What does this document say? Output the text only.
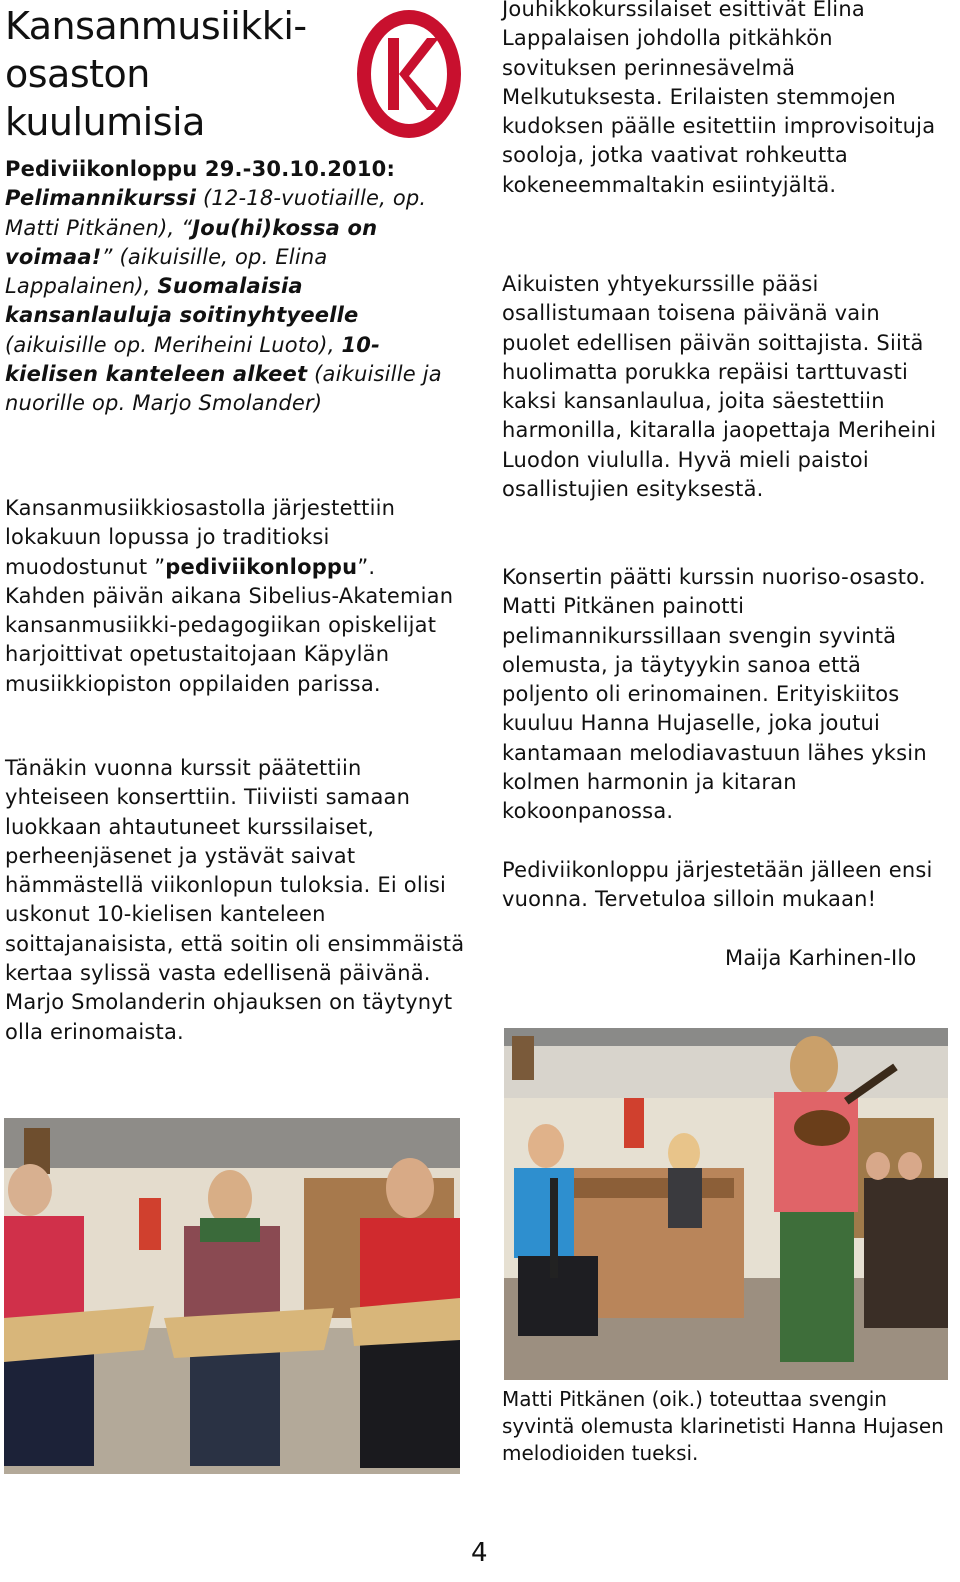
Kansanmusiikki-
osaston
kuulumisia
Pediviikonloppu 29.-30.10.2010:
Pelimannikurssi (12-18-vuotiaille, op. Matti Pitkänen), “Jou(hi)kossa on voimaa!” (aikuisille, op. Elina Lappalainen), Suomalaisia kansanlauluja soitinyhtyeelle (aikuisille op. Meriheini Luoto), 10-kielisen kanteleen alkeet (aikuisille ja nuorille op. Marjo Smolander)

Kansanmusiikkiosastolla järjestettiin lokakuun lopussa jo traditioksi muodostunut ”pediviikonloppu”. Kahden päivän aikana Sibelius-Akatemian kansanmusiikki-pedagogiikan opiskelijat harjoittivat opetustaitojaan Käpylän musiikkiopiston oppilaiden parissa.

Tänäkin vuonna kurssit päätettiin yhteiseen konserttiin. Tiiviisti samaan luokkaan ahtautuneet kurssilaiset, perheenjäsenet ja ystävät saivat hämmästellä viikonlopun tuloksia. Ei olisi uskonut 10-kielisen kanteleen soittajanaisista, että soitin oli ensimmäistä kertaa sylissä vasta edellisenä päivänä. Marjo Smolanderin ohjauksen on täytynyt olla erinomaista.

Jouhikkokurssilaiset esittivät Elina Lappalaisen johdolla pitkähkön sovituksen perinnesävelmä Melkutuksesta. Erilaisten stemmojen kudoksen päälle esitettiin improvisoituja sooloja, jotka vaativat rohkeutta kokeneemmaltakin esiintyjältä.

Aikuisten yhtyekurssille pääsi osallistumaan toisena päivänä vain puolet edellisen päivän soittajista. Siitä huolimatta porukka repäisi tarttuvasti kaksi kansanlaulua, joita säestettiin harmonilla, kitaralla jaopettaja Meriheini Luodon viululla. Hyvä mieli paistoi osallistujien esityksestä.

Konsertin päätti kurssin nuoriso-osasto. Matti Pitkänen painotti pelimannikurssillaan svengin syvintä olemusta, ja täytyykin sanoa että poljento oli erinomainen. Erityiskiitos kuuluu Hanna Hujaselle, joka joutui kantamaan melodiavastuun lähes yksin kolmen harmonin ja kitaran kokoonpanossa.

Pediviikonloppu järjestetään jälleen ensi vuonna. Tervetuloa silloin mukaan!

Maija Karhinen-Ilo

Matti Pitkänen (oik.) toteuttaa svengin syvintä olemusta klarinetisti Hanna Hujasen melodioiden tueksi.
4
